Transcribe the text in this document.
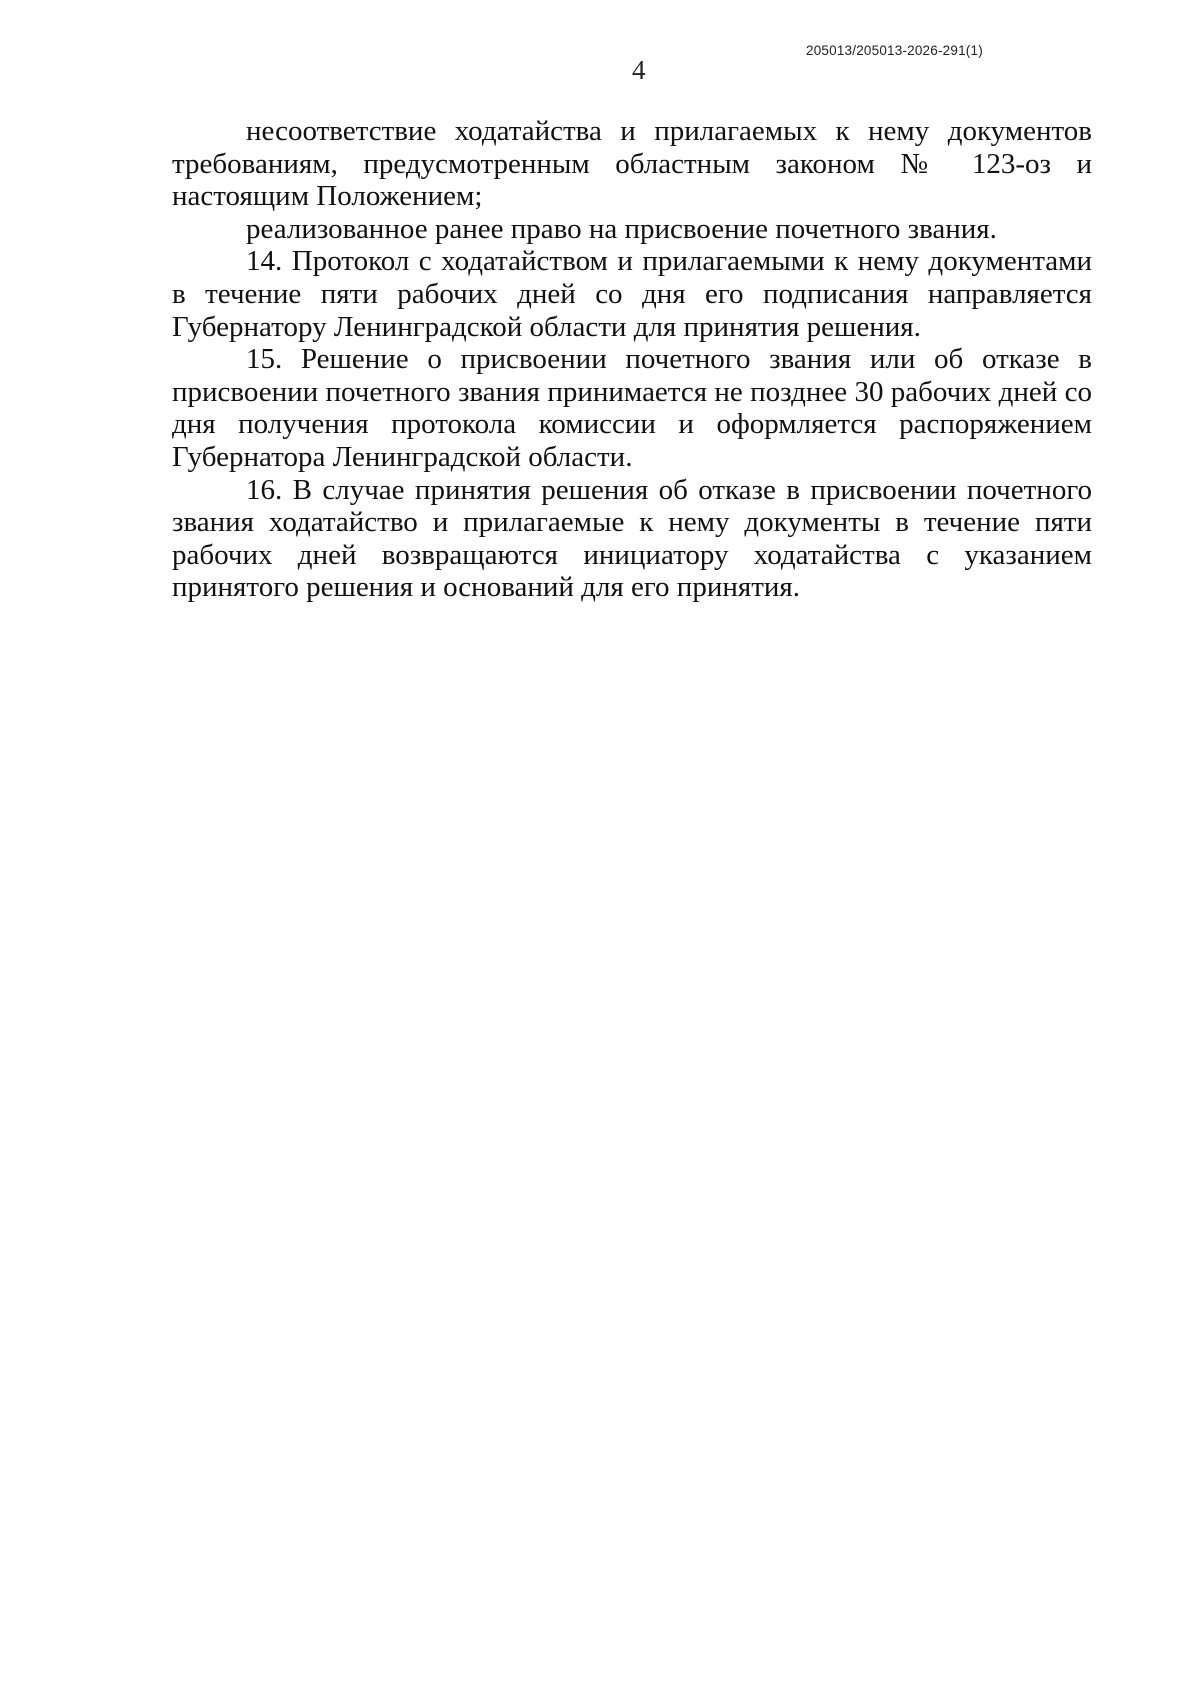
4
205013/205013-2026-291(1)

несоответствие ходатайства и прилагаемых к нему документов требованиям, предусмотренным областным законом № 123-оз и настоящим Положением;

реализованное ранее право на присвоение почетного звания.

14. Протокол с ходатайством и прилагаемыми к нему документами в течение пяти рабочих дней со дня его подписания направляется Губернатору Ленинградской области для принятия решения.

15. Решение о присвоении почетного звания или об отказе в присвоении почетного звания принимается не позднее 30 рабочих дней со дня получения протокола комиссии и оформляется распоряжением Губернатора Ленинградской области.

16. В случае принятия решения об отказе в присвоении почетного звания ходатайство и прилагаемые к нему документы в течение пяти рабочих дней возвращаются инициатору ходатайства с указанием принятого решения и оснований для его принятия.
